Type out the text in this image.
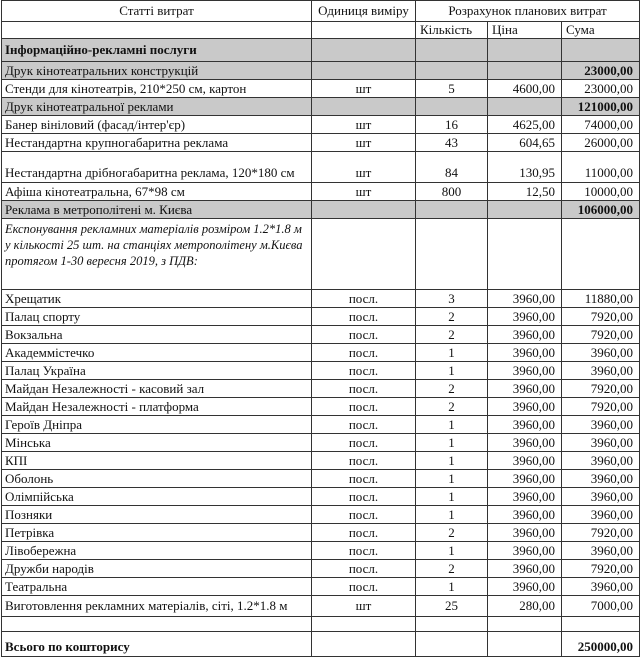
Статті витрат	Одиниця виміру	Розрахунок планових витрат		
		Кількість	Ціна	Сума
Інформаційно-рекламні послуги				
Друк кінотеатральних конструкцій				23000,00
Стенди для кінотеатрів, 210*250 см, картон	шт	5	4600,00	23000,00
Друк кінотеатральної реклами				121000,00
Банер вініловий (фасад/інтер'єр)	шт	16	4625,00	74000,00
Нестандартна крупногабаритна реклама	шт	43	604,65	26000,00
Нестандартна дрібногабаритна реклама, 120*180 см	шт	84	130,95	11000,00
Афіша кінотеатральна, 67*98 см	шт	800	12,50	10000,00
Реклама в метрополітені м. Києва				106000,00
Експонування рекламних матеріалів розміром 1.2*1.8 м у кількості 25 шт. на станціях метрополітену м.Києва протягом 1-30 вересня 2019, з ПДВ:				
Хрещатик	посл.	3	3960,00	11880,00
Палац спорту	посл.	2	3960,00	7920,00
Вокзальна	посл.	2	3960,00	7920,00
Академмістечко	посл.	1	3960,00	3960,00
Палац Україна	посл.	1	3960,00	3960,00
Майдан Незалежності - касовий зал	посл.	2	3960,00	7920,00
Майдан Незалежності - платформа	посл.	2	3960,00	7920,00
Героїв Дніпра	посл.	1	3960,00	3960,00
Мінська	посл.	1	3960,00	3960,00
КПІ	посл.	1	3960,00	3960,00
Оболонь	посл.	1	3960,00	3960,00
Олімпійська	посл.	1	3960,00	3960,00
Позняки	посл.	1	3960,00	3960,00
Петрівка	посл.	2	3960,00	7920,00
Лівобережна	посл.	1	3960,00	3960,00
Дружби народів	посл.	2	3960,00	7920,00
Театральна	посл.	1	3960,00	3960,00
Виготовлення рекламних матеріалів, сіті, 1.2*1.8 м	шт	25	280,00	7000,00

Всього по кошторису				250000,00
